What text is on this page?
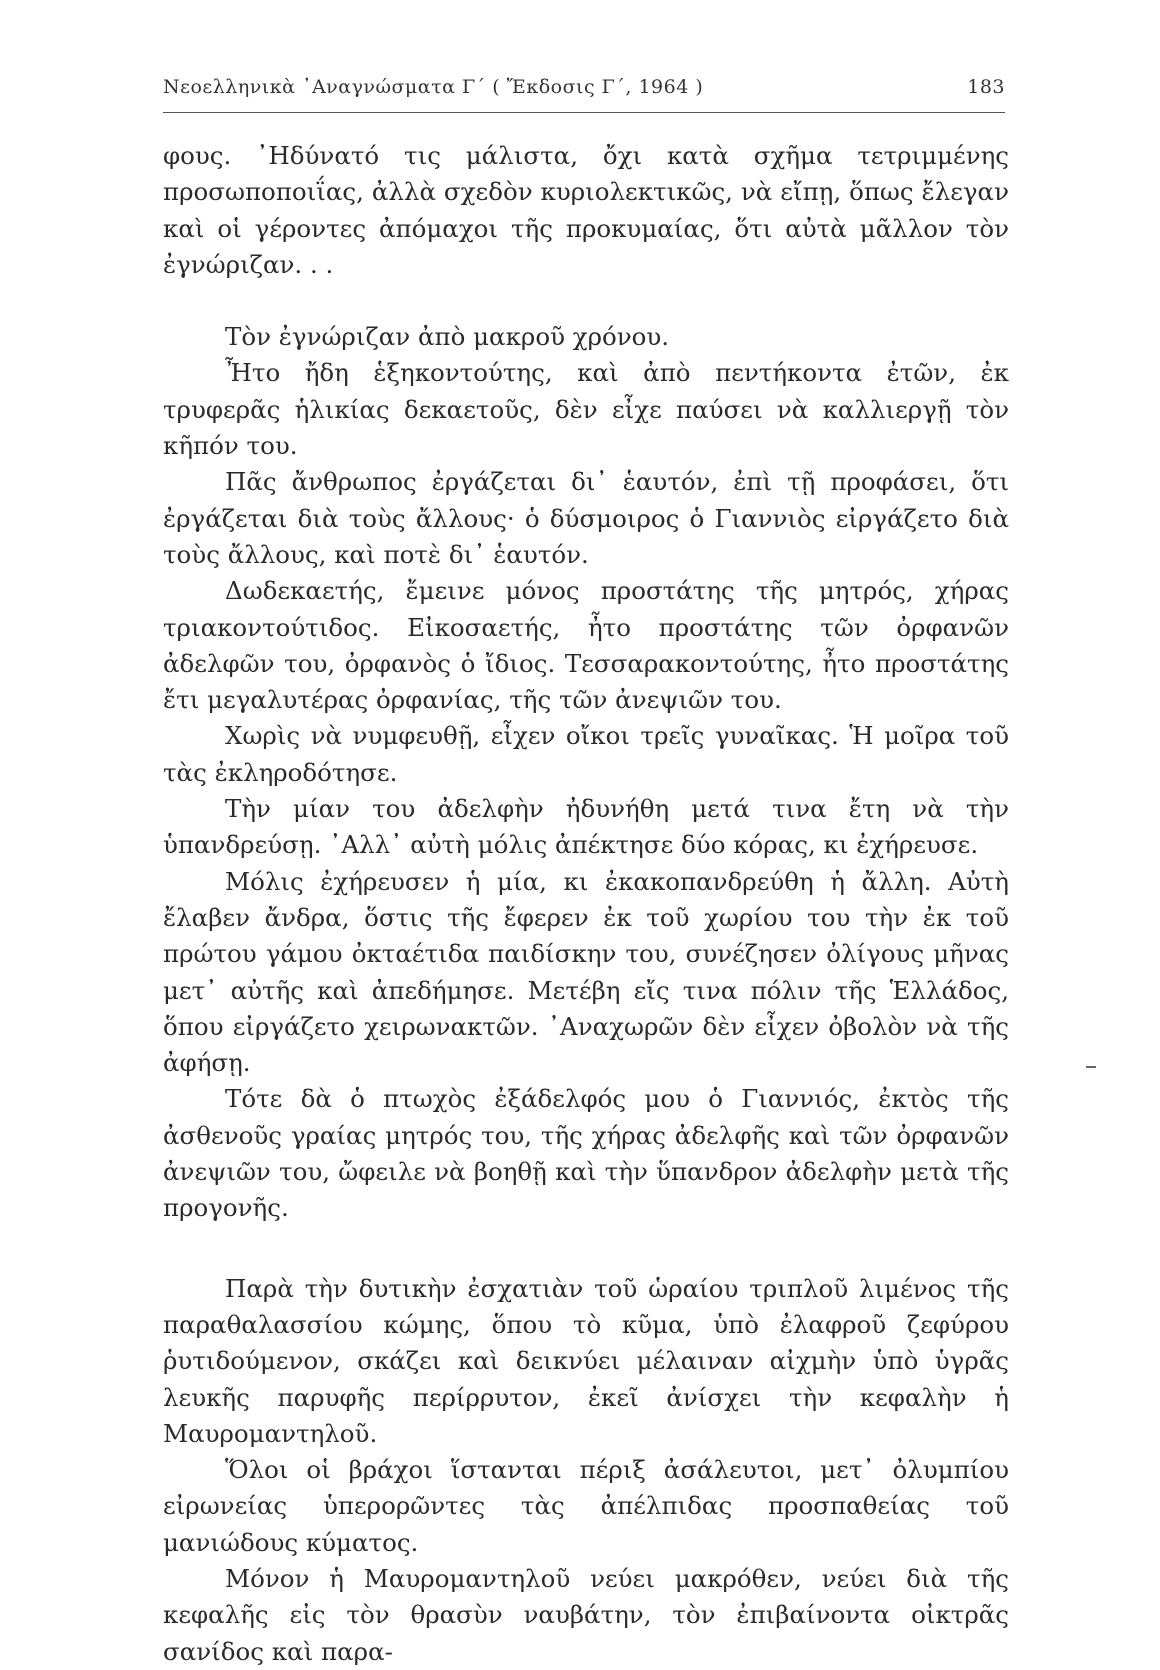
Νεοελληνικὰ ᾿Αναγνώσματα Γ΄ ( Ἔκδοσις Γ΄, 1964 )	183

φους. ᾿Ηδύνατό τις μάλιστα, ὄχι κατὰ σχῆμα τετριμμένης προσωποποιΐας, ἀλλὰ σχεδὸν κυριολεκτικῶς, νὰ εἴπῃ, ὅπως ἔλεγαν καὶ οἱ γέροντες ἀπόμαχοι τῆς προκυμαίας, ὅτι αὐτὰ μᾶλλον τὸν ἐγνώριζαν. . .

Τὸν ἐγνώριζαν ἀπὸ μακροῦ χρόνου.

Ἦτο ἤδη ἑξηκοντούτης, καὶ ἀπὸ πεντήκοντα ἐτῶν, ἐκ τρυφερᾶς ἡλικίας δεκαετοῦς, δὲν εἶχε παύσει νὰ καλλιεργῇ τὸν κῆπόν του.

Πᾶς ἄνθρωπος ἐργάζεται δι᾿ ἑαυτόν, ἐπὶ τῇ προφάσει, ὅτι ἐργάζεται διὰ τοὺς ἄλλους· ὁ δύσμοιρος ὁ Γιαννιὸς εἰργάζετο διὰ τοὺς ἄλλους, καὶ ποτὲ δι᾿ ἑαυτόν.

Δωδεκαετής, ἔμεινε μόνος προστάτης τῆς μητρός, χήρας τριακοντούτιδος. Εἰκοσαετής, ἦτο προστάτης τῶν ὀρφανῶν ἀδελφῶν του, ὀρφανὸς ὁ ἴδιος. Τεσσαρακοντούτης, ἦτο προστάτης ἔτι μεγαλυτέρας ὀρφανίας, τῆς τῶν ἀνεψιῶν του.

Χωρὶς νὰ νυμφευθῇ, εἶχεν οἴκοι τρεῖς γυναῖκας. Ἡ μοῖρα τοῦ τὰς ἐκληροδότησε.

Τὴν μίαν του ἀδελφὴν ἠδυνήθη μετά τινα ἔτη νὰ τὴν ὑπανδρεύσῃ. ᾿Αλλ᾿ αὐτὴ μόλις ἀπέκτησε δύο κόρας, κι ἐχήρευσε.

Μόλις ἐχήρευσεν ἡ μία, κι ἐκακοπανδρεύθη ἡ ἄλλη. Αὐτὴ ἔλαβεν ἄνδρα, ὅστις τῆς ἔφερεν ἐκ τοῦ χωρίου του τὴν ἐκ τοῦ πρώτου γάμου ὀκταέτιδα παιδίσκην του, συνέζησεν ὀλίγους μῆνας μετ᾿ αὐτῆς καὶ ἀπεδήμησε. Μετέβη εἴς τινα πόλιν τῆς Ἑλλάδος, ὅπου εἰργάζετο χειρωνακτῶν. ᾿Αναχωρῶν δὲν εἶχεν ὀβολὸν νὰ τῆς ἀφήσῃ.

Τότε δὰ ὁ πτωχὸς ἐξάδελφός μου ὁ Γιαννιός, ἐκτὸς τῆς ἀσθενοῦς γραίας μητρός του, τῆς χήρας ἀδελφῆς καὶ τῶν ὀρφανῶν ἀνεψιῶν του, ὤφειλε νὰ βοηθῇ καὶ τὴν ὕπανδρον ἀδελφὴν μετὰ τῆς προγονῆς.

Παρὰ τὴν δυτικὴν ἐσχατιὰν τοῦ ὡραίου τριπλοῦ λιμένος τῆς παραθαλασσίου κώμης, ὅπου τὸ κῦμα, ὑπὸ ἐλαφροῦ ζεφύρου ῥυτιδούμενον, σκάζει καὶ δεικνύει μέλαιναν αἰχμὴν ὑπὸ ὑγρᾶς λευκῆς παρυφῆς περίρρυτον, ἐκεῖ ἀνίσχει τὴν κεφαλὴν ἡ Μαυρομαντηλοῦ.

Ὅλοι οἱ βράχοι ἵστανται πέριξ ἀσάλευτοι, μετ᾿ ὀλυμπίου εἰρωνείας ὑπερορῶντες τὰς ἀπέλπιδας προσπαθείας τοῦ μανιώδους κύματος.

Μόνον ἡ Μαυρομαντηλοῦ νεύει μακρόθεν, νεύει διὰ τῆς κεφαλῆς εἰς τὸν θρασὺν ναυβάτην, τὸν ἐπιβαίνοντα οἰκτρᾶς σανίδος καὶ παρα-
